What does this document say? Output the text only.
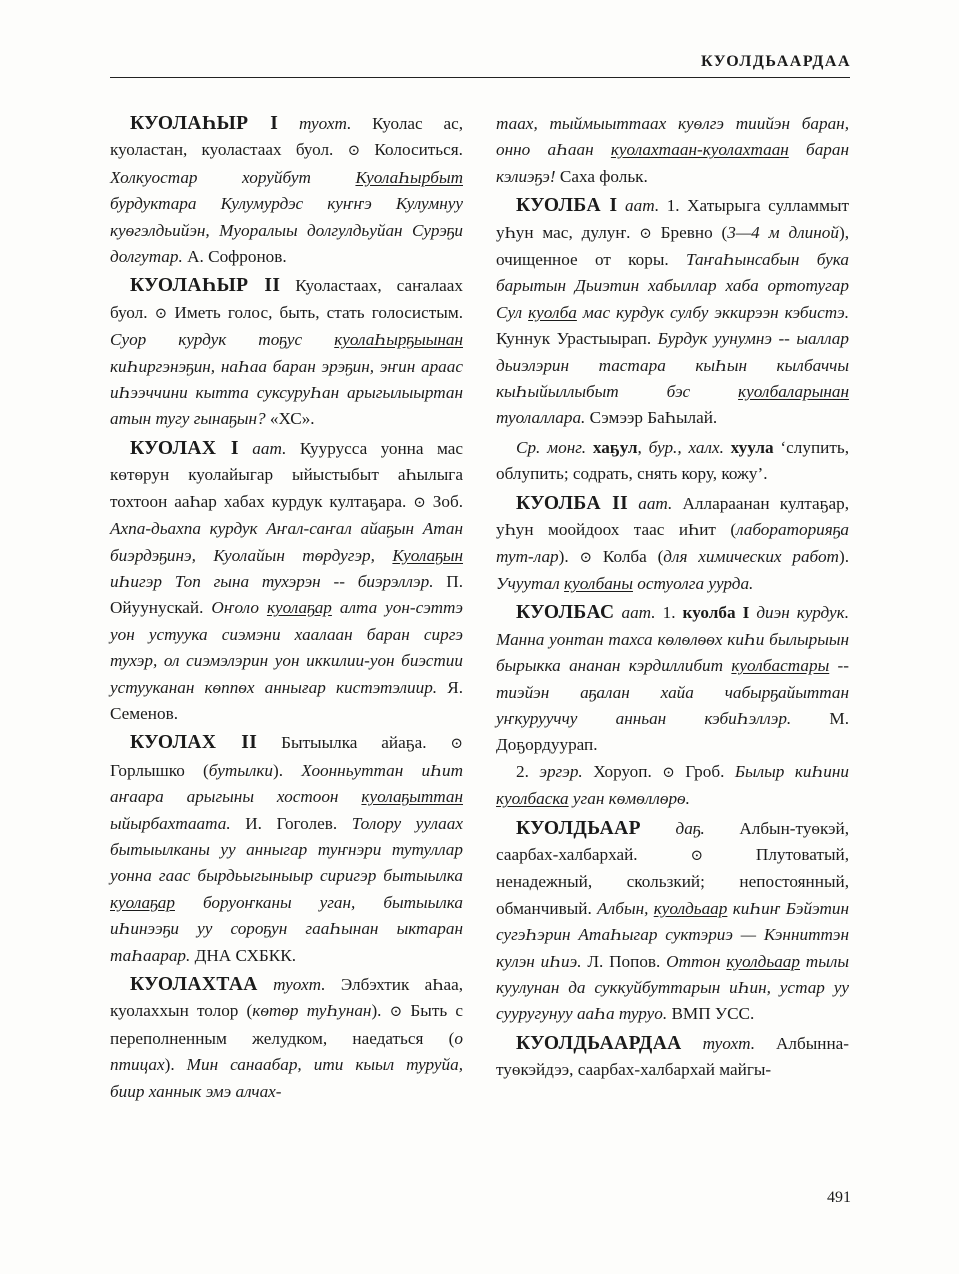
КУОЛДЬААРДАА

КУОЛАҺЫР I туохт. Куолас ас, куоластан, куоластаах буол. ⊙ Колоситься. Холкуостар хоруйбут КуолаҺырбыт бурдуктара Кулумурдэс куҥҥэ Кулумнуу куѳгэлдьийэн, Муоралыы долгулдьуйан Сурэҕи долгутар. А. Софронов.

КУОЛАҺЫР II Куоластаах, саҥалаах буол. ⊙ Иметь голос, быть, стать голосистым. Суор курдук тоҕус куолаҺырҕыынан киҺиргэнэҕин, наҺаа баран эрэҕин, эҥин араас иҺээччини кытта суксуруҺан арыгылыыртан атын тугу гынаҕын? «ХС».

КУОЛАХ I аат. Куурусса уонна мас кѳтѳрун куолайыгар ыйыстыбыт аҺылыга тохтоон ааҺар хабах курдук култаҕара. ⊙ Зоб. Ахпа-дьахпа курдук Аҥал-саҥал айаҕын Атан биэрдэҕинэ, Куолайын тѳрдугэр, Куолаҕын иҺигэр Топ гына тухэрэн -- биэрэллэр. П. Ойуунускай. Оҥоло куолаҕар алта уон-сэттэ уон устуука сиэмэни хаалаан баран сиргэ тухэр, ол сиэмэлэрин уон иккилии-уон биэстии устууканан кѳппѳх аннығар кистэтэлиир. Я. Семенов.

КУОЛАХ II Бытыылка айаҕа. ⊙ Горлышко (бутылки). Хоонньуттан иҺит аҥаара арыгыны хостоон куолаҕыттан ыйырбахтаата. И. Гоголев. Толору уулаах бытыылканы уу анныгар туҥнэри тутуллар уонна гаас бырдьыгыныыр сиригэр бытыылка куолаҕар боруоҥканы уган, бытыылка иҺинээҕи уу сороҕун гааҺынан ыктаран таҺаарар. ДНА СХБКК.

КУОЛАХТАА туохт. Элбэхтик аҺаа, куолаххын толор (кѳтѳр туҺунан). ⊙ Быть с переполненным желудком, наедаться (о птицах). Мин санаабар, ити кыыл туруйа, биир ханнык эмэ алчах-

таах, тыймыыттаах куѳлгэ тиийэн баран, онно аҺаан куолахтаан-куолахтаан баран кэлиэҕэ! Саха фольк.

КУОЛБА I аат. 1. Хатырыга сулламмыт уҺун мас, дулуҥ. ⊙ Бревно (3—4 м длиной), очищенное от коры. ТаҥаҺынсабын бука барытын Дьиэтин хабыллар хаба ортотугар Сул куолба мас курдук сулбу эккирээн кэбистэ. Куннук Урастыырап. Бурдук уунумнэ -- ыаллар дьиэлэрин тастара кыҺын кылбаччы кыҺыйыллыбыт бэс куолбаларынан туолаллара. Сэмээр БаҺылай.

Ср. монг. хаҕул, бур., халх. хуула ‘слупить, облупить; содрать, снять кору, кожу’.

КУОЛБА II аат. Аллараанан култаҕар, уҺун моойдоох таас иҺит (лабораторияҕа тут-лар). ⊙ Колба (для химических работ). Учуутал куолбаны остуолга уурда.

КУОЛБАС аат. 1. куолба I диэн курдук. Манна уонтан тахса кѳлѳлѳѳх киҺи былырыын бырыкка ананан кэрдиллибит куолбастары -- тиэйэн аҕалан хайа чабырҕайыттан уҥкурууччу анньан кэбиҺэллэр. М. Доҕордуурап.

2. эргэр. Хоруоп. ⊙ Гроб. Былыр киҺини куолбаска уган кѳмѳллѳрѳ.

КУОЛДЬААР даҕ. Албын-туѳкэй, саарбах-халбархай. ⊙ Плутоватый, ненадежный, скользкий; непостоянный, обманчивый. Албын, куолдьаар киҺиҥ Бэйэтин сугэҺэрин АтаҺыгар суктэриэ — Кэнниттэн кулэн иҺиэ. Л. Попов. Оттон куолдьаар тылы куулунан да суккуйбуттарын иҺин, устар уу сууругунуу ааҺа туруо. ВМП УСС.

КУОЛДЬААРДАА туохт. Албынна-туѳкэйдээ, саарбах-халбархай майгы-

491
